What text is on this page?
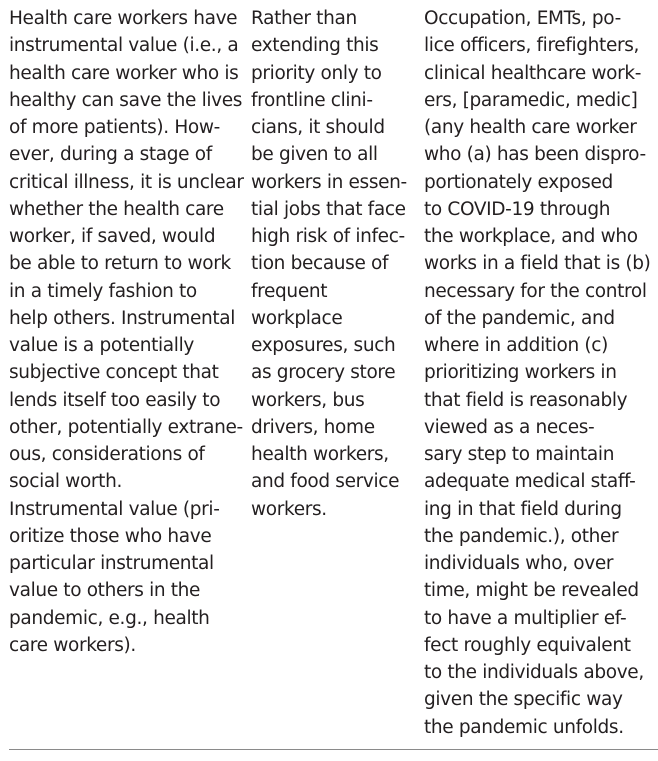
Health care workers have
instrumental value (i.e., a
health care worker who is
healthy can save the lives
of more patients). How-
ever, during a stage of
critical illness, it is unclear
whether the health care
worker, if saved, would
be able to return to work
in a timely fashion to
help others. Instrumental
value is a potentially
subjective concept that
lends itself too easily to
other, potentially extrane-
ous, considerations of
social worth.
Instrumental value (pri-
oritize those who have
particular instrumental
value to others in the
pandemic, e.g., health
care workers).
Rather than
extending this
priority only to
frontline clini-
cians, it should
be given to all
workers in essen-
tial jobs that face
high risk of infec-
tion because of
frequent
workplace
exposures, such
as grocery store
workers, bus
drivers, home
health workers,
and food service
workers.
Occupation, EMTs, po-
lice officers, firefighters,
clinical healthcare work-
ers, [paramedic, medic]
(any health care worker
who (a) has been dispro-
portionately exposed
to COVID-19 through
the workplace, and who
works in a field that is (b)
necessary for the control
of the pandemic, and
where in addition (c)
prioritizing workers in
that field is reasonably
viewed as a neces-
sary step to maintain
adequate medical staff-
ing in that field during
the pandemic.), other
individuals who, over
time, might be revealed
to have a multiplier ef-
fect roughly equivalent
to the individuals above,
given the specific way
the pandemic unfolds.
